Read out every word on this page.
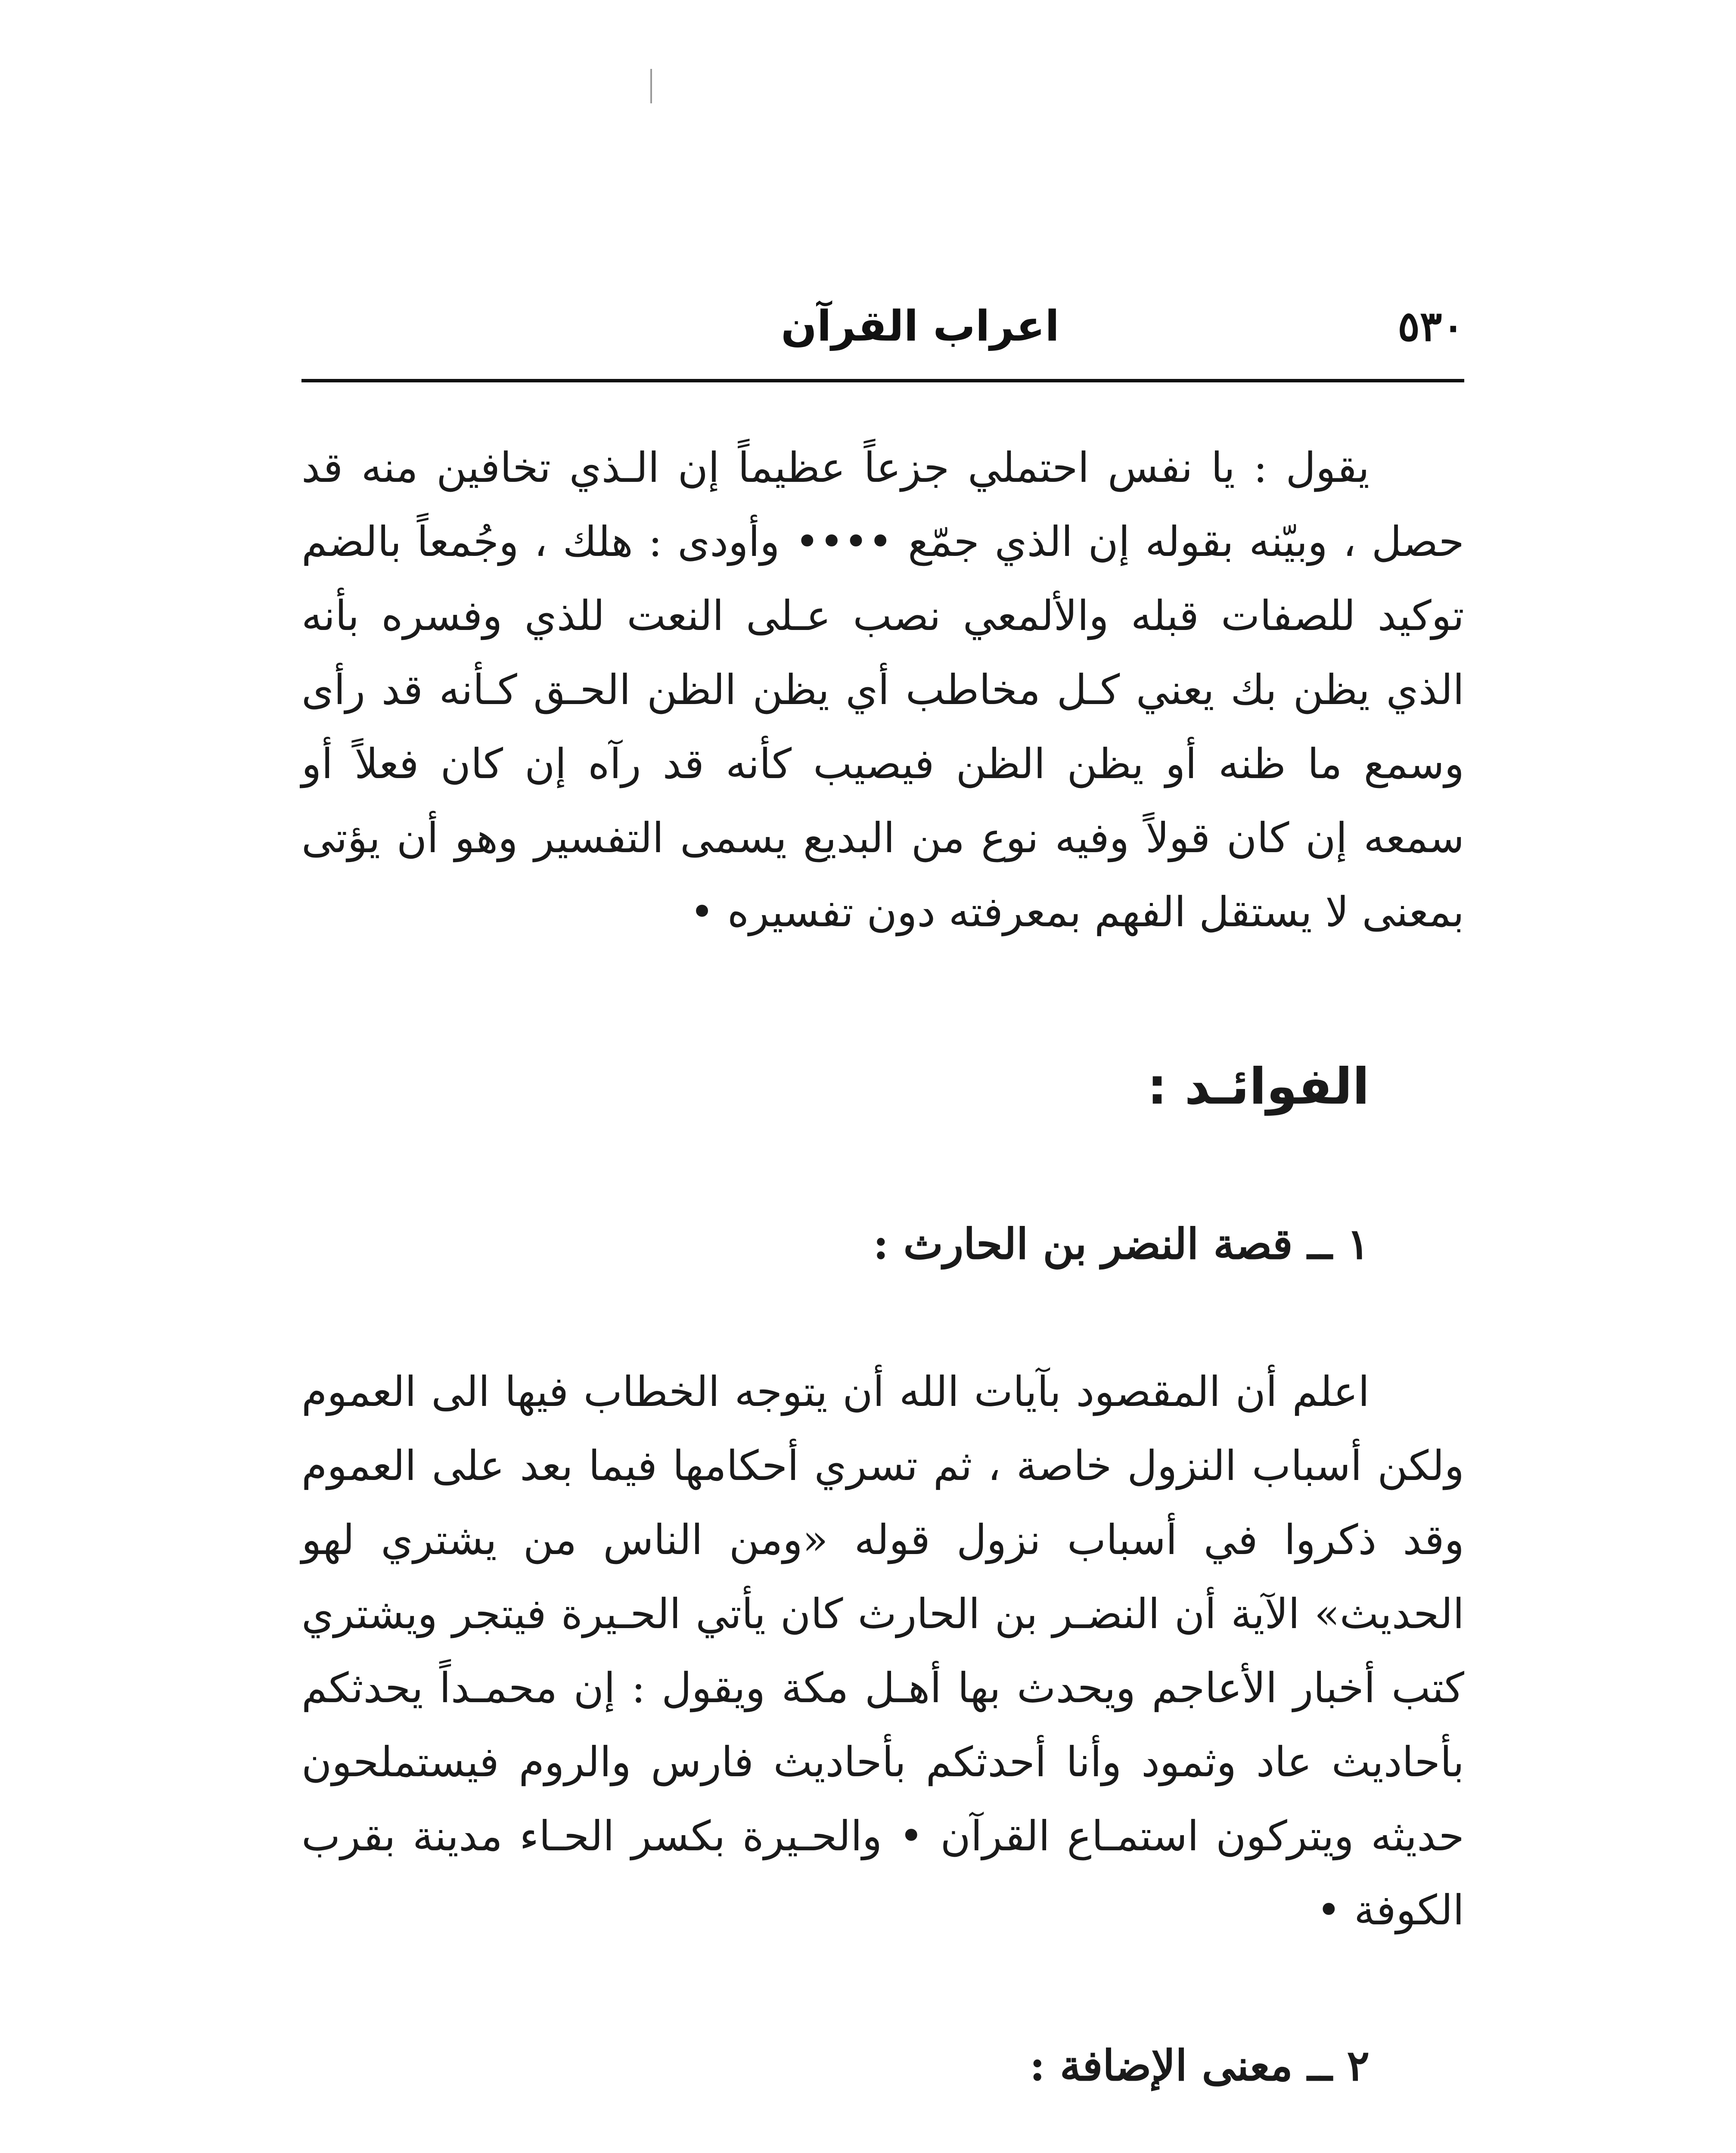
٥٣٠
اعراب القرآن

يقول : يا نفس احتملي جزعاً عظيماً إن الـذي تخافين منه قد حصل ، وبيّنه بقوله إن الذي جمّع •••• وأودى : هلك ، وجُمعاً بالضم توكيد للصفات قبله والألمعي نصب عـلى النعت للذي وفسره بأنه الذي يظن بك يعني كـل مخاطب أي يظن الظن الحـق كـأنه قد رأى وسمع ما ظنه أو يظن الظن فيصيب كأنه قد رآه إن كان فعلاً أو سمعه إن كان قولاً وفيه نوع من البديع يسمى التفسير وهو أن يؤتى بمعنى لا يستقل الفهم بمعرفته دون تفسيره •

الفوائـد :
١ ــ قصة النضر بن الحارث :

اعلم أن المقصود بآيات الله أن يتوجه الخطاب فيها الى العموم ولكن أسباب النزول خاصة ، ثم تسري أحكامها فيما بعد على العموم وقد ذكروا في أسباب نزول قوله «ومن الناس من يشتري لهو الحديث» الآية أن النضـر بن الحارث كان يأتي الحـيرة فيتجر ويشتري كتب أخبار الأعاجم ويحدث بها أهـل مكة ويقول : إن محمـداً يحدثكم بأحاديث عاد وثمود وأنا أحدثكم بأحاديث فارس والروم فيستملحون حديثه ويتركون استمـاع القرآن • والحـيرة بكسر الحـاء مدينة بقرب الكوفة •

٢ ــ معنى الإضافة :
